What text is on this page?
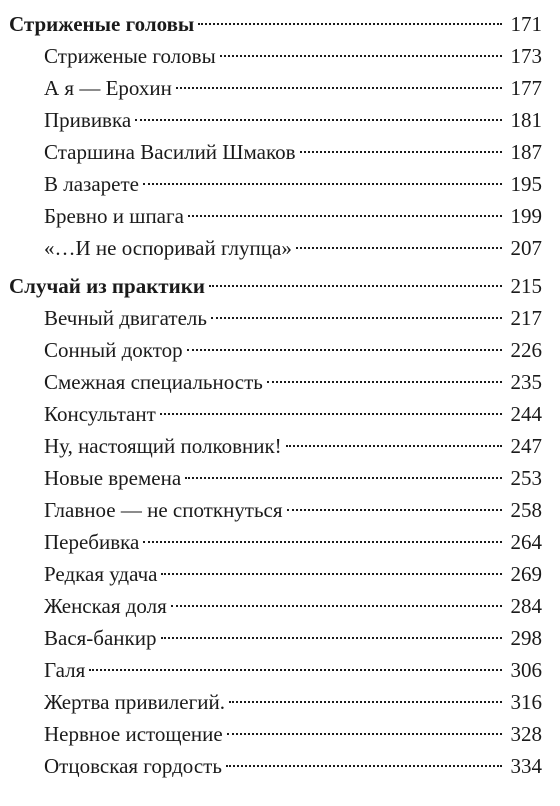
Стриженые головы	171
Стриженые головы	173
А я — Ерохин	177
Прививка	181
Старшина Василий Шмаков	187
В лазарете	195
Бревно и шпага	199
«…И не оспоривай глупца»	207
Случай из практики	215
Вечный двигатель	217
Сонный доктор	226
Смежная специальность	235
Консультант	244
Ну, настоящий полковник!	247
Новые времена	253
Главное — не споткнуться	258
Перебивка	264
Редкая удача	269
Женская доля	284
Вася-банкир	298
Галя	306
Жертва привилегий.	316
Нервное истощение	328
Отцовская гордость	334
